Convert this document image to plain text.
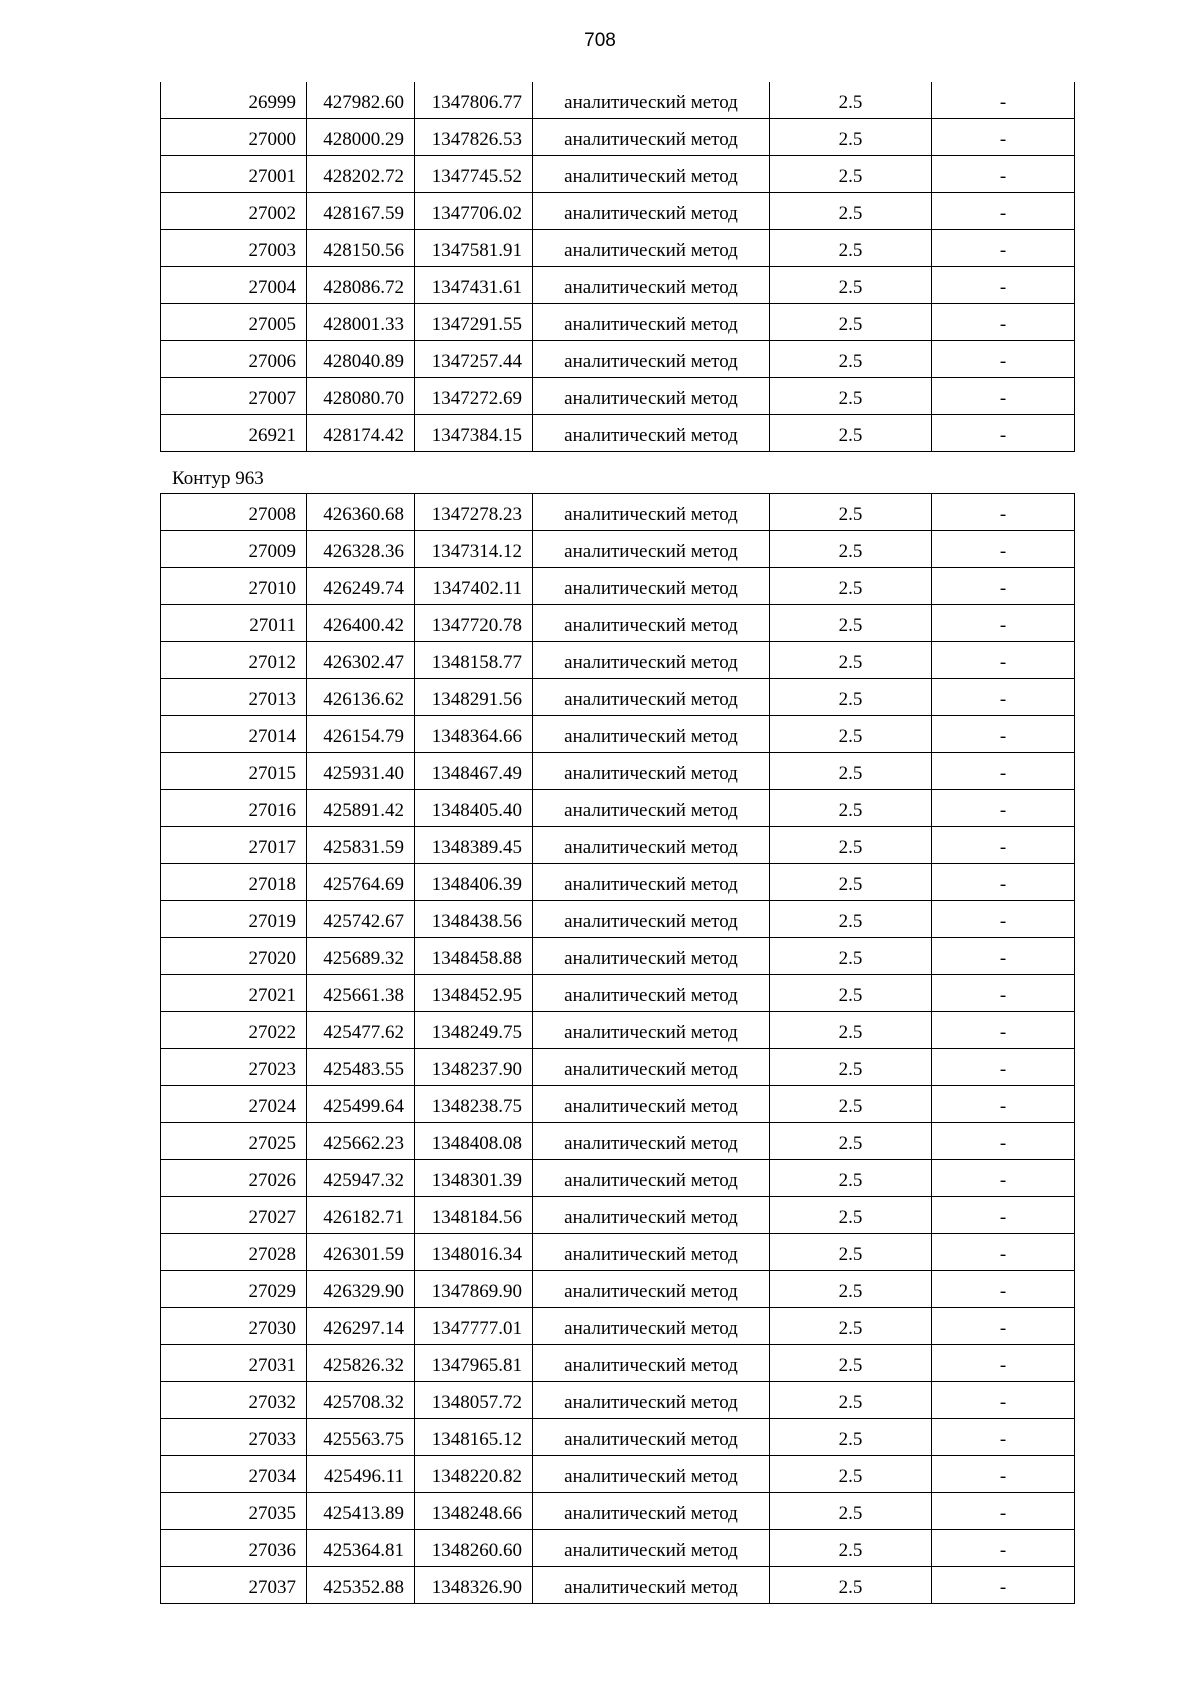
708
26999	427982.60	1347806.77	аналитический метод	2.5	-
27000	428000.29	1347826.53	аналитический метод	2.5	-
27001	428202.72	1347745.52	аналитический метод	2.5	-
27002	428167.59	1347706.02	аналитический метод	2.5	-
27003	428150.56	1347581.91	аналитический метод	2.5	-
27004	428086.72	1347431.61	аналитический метод	2.5	-
27005	428001.33	1347291.55	аналитический метод	2.5	-
27006	428040.89	1347257.44	аналитический метод	2.5	-
27007	428080.70	1347272.69	аналитический метод	2.5	-
26921	428174.42	1347384.15	аналитический метод	2.5	-
Контур 963
27008	426360.68	1347278.23	аналитический метод	2.5	-
27009	426328.36	1347314.12	аналитический метод	2.5	-
27010	426249.74	1347402.11	аналитический метод	2.5	-
27011	426400.42	1347720.78	аналитический метод	2.5	-
27012	426302.47	1348158.77	аналитический метод	2.5	-
27013	426136.62	1348291.56	аналитический метод	2.5	-
27014	426154.79	1348364.66	аналитический метод	2.5	-
27015	425931.40	1348467.49	аналитический метод	2.5	-
27016	425891.42	1348405.40	аналитический метод	2.5	-
27017	425831.59	1348389.45	аналитический метод	2.5	-
27018	425764.69	1348406.39	аналитический метод	2.5	-
27019	425742.67	1348438.56	аналитический метод	2.5	-
27020	425689.32	1348458.88	аналитический метод	2.5	-
27021	425661.38	1348452.95	аналитический метод	2.5	-
27022	425477.62	1348249.75	аналитический метод	2.5	-
27023	425483.55	1348237.90	аналитический метод	2.5	-
27024	425499.64	1348238.75	аналитический метод	2.5	-
27025	425662.23	1348408.08	аналитический метод	2.5	-
27026	425947.32	1348301.39	аналитический метод	2.5	-
27027	426182.71	1348184.56	аналитический метод	2.5	-
27028	426301.59	1348016.34	аналитический метод	2.5	-
27029	426329.90	1347869.90	аналитический метод	2.5	-
27030	426297.14	1347777.01	аналитический метод	2.5	-
27031	425826.32	1347965.81	аналитический метод	2.5	-
27032	425708.32	1348057.72	аналитический метод	2.5	-
27033	425563.75	1348165.12	аналитический метод	2.5	-
27034	425496.11	1348220.82	аналитический метод	2.5	-
27035	425413.89	1348248.66	аналитический метод	2.5	-
27036	425364.81	1348260.60	аналитический метод	2.5	-
27037	425352.88	1348326.90	аналитический метод	2.5	-
